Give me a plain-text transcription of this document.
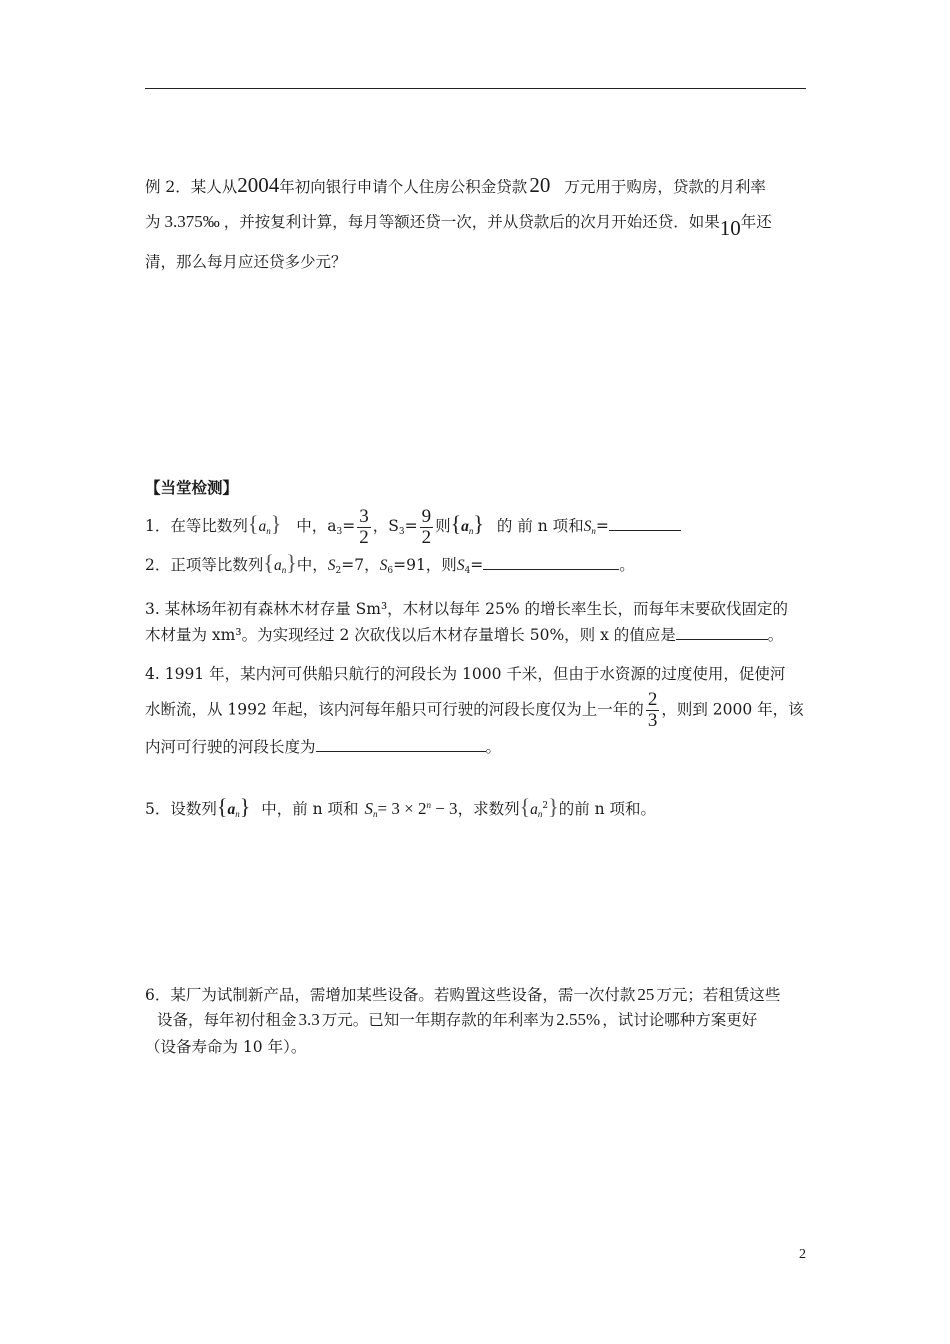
例 2．某人从2004年初向银行申请个人住房公积金贷款20 万元用于购房，贷款的月利率
为 3.375‰ ，并按复利计算，每月等额还贷一次，并从贷款后的次月开始还贷．如果10年还
清，那么每月应还贷多少元？
【当堂检测】
1．在等比数列$\{a_n\}$ 中，$a_3= \frac{3}{2}$ ，$S_3= \frac{9}{2}$ 则$\{a_n\}$ 的 前 n 项和$S_n=$
2．正项等比数列$\{a_n\}$中，$S_2=7$，$S_6=91$，则$S_4=$	。
3. 某林场年初有森林木材存量 Sm³，木材以每年 25% 的增长率生长，而每年末要砍伐固定的
木材量为 xm³。为实现经过 2 次砍伐以后木材存量增长 50%，则 x 的值应是	。
4. 1991 年，某内河可供船只航行的河段长为 1000 千米，但由于水资源的过度使用，促使河
水断流，从 1992 年起，该内河每年船只可行驶的河段长度仅为上一年的 $\frac{2}{3}$ ，则到 2000 年，该
内河可行驶的河段长度为	。
5．设数列$\{a_n\}$ 中，前 n 项和 $S_n= 3 \times 2^n - 3$，求数列$\{a_n^2\}$的前 n 项和。
6．某厂为试制新产品，需增加某些设备。若购置这些设备，需一次付款 25 万元；若租赁这些
设备，每年初付租金 3.3 万元。已知一年期存款的年利率为 2.55% ，试讨论哪种方案更好
（设备寿命为 10 年）。
2
